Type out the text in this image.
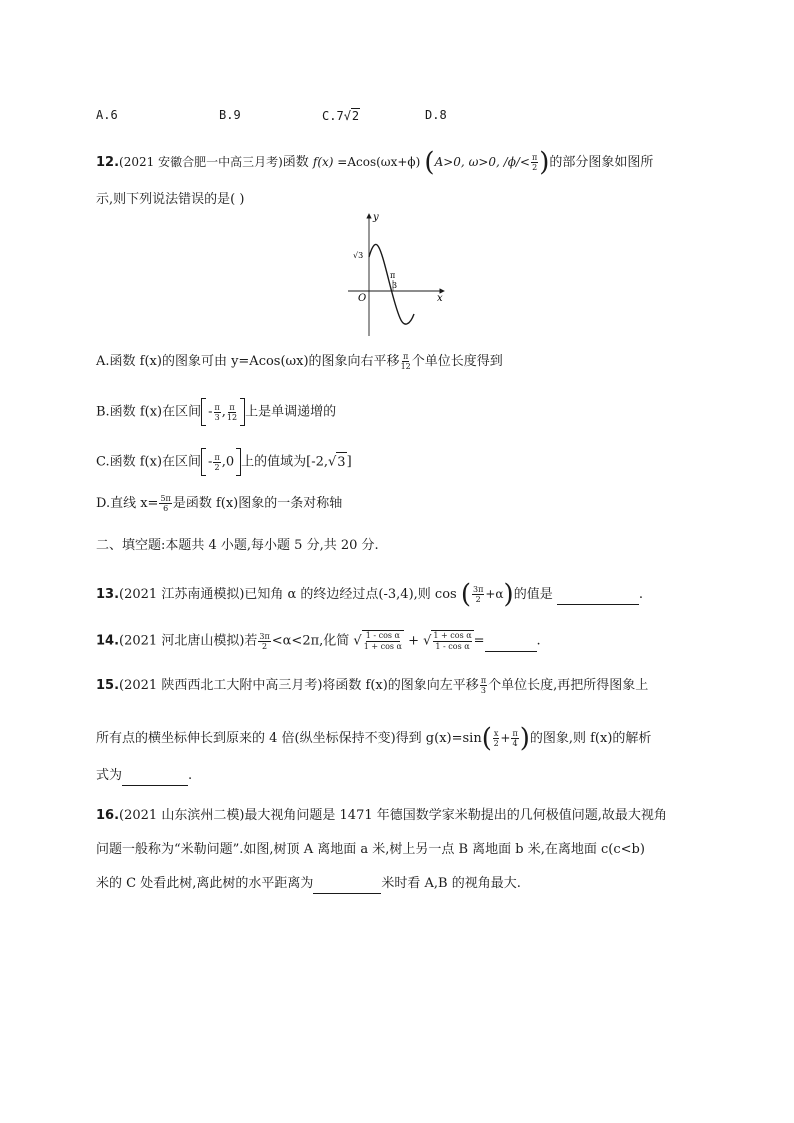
A.6	B.9	C.7√2	D.8
12.(2021 安徽合肥一中高三月考)函数 f(x) =Acos(ωx+ϕ) (A>0, ω>0, $/\phi/< \frac{\pi}{2}$ )的部分图象如图所
示,则下列说法错误的是( )
y
x
O
√3
π
3
A.函数 f(x)的图象可由 y=Acos(ωx)的图象向右平移 $\frac{\pi}{12}$ 个单位长度得到
B.函数 f(x)在区间 - $\frac{\pi}{3}$ , $\frac{\pi}{12}$ 上是单调递增的
C.函数 f(x)在区间 - $\frac{\pi}{2} ,0$ 上的值域为[-2,√3]
D.直线 $x= \frac{5\pi}{6}$ 是函数 f(x)图象的一条对称轴
二、填空题:本题共 4 小题,每小题 5 分,共 20 分.
13.(2021 江苏南通模拟)已知角 α 的终边经过点(-3,4),则 cos ( $\frac{3\pi}{2} +\alpha$)的值是	.
14.(2021 河北唐山模拟)若 $\frac{3\pi}{2} <\alpha<2\pi$,化简 √ $\frac{\text{1 - cos α}}{\text{1 + cos α}}$ + √ $\frac{\text{1 + cos α}}{\text{1 - cos α}}$ =	.
15.(2021 陕西西北工大附中高三月考)将函数 f(x)的图象向左平移 $\frac{\pi}{3}$ 个单位长度,再把所得图象上
所有点的横坐标伸长到原来的 4 倍(纵坐标保持不变)得到 $g(x)=\sin( \frac{x}{2} + \frac{\pi}{4}$ )的图象,则 f(x)的解析
式为	.
16.(2021 山东滨州二模)最大视角问题是 1471 年德国数学家米勒提出的几何极值问题,故最大视角
问题一般称为“米勒问题”.如图,树顶 A 离地面 a 米,树上另一点 B 离地面 b 米,在离地面 c(c<b)
米的 C 处看此树,离此树的水平距离为	米时看 A,B 的视角最大.
